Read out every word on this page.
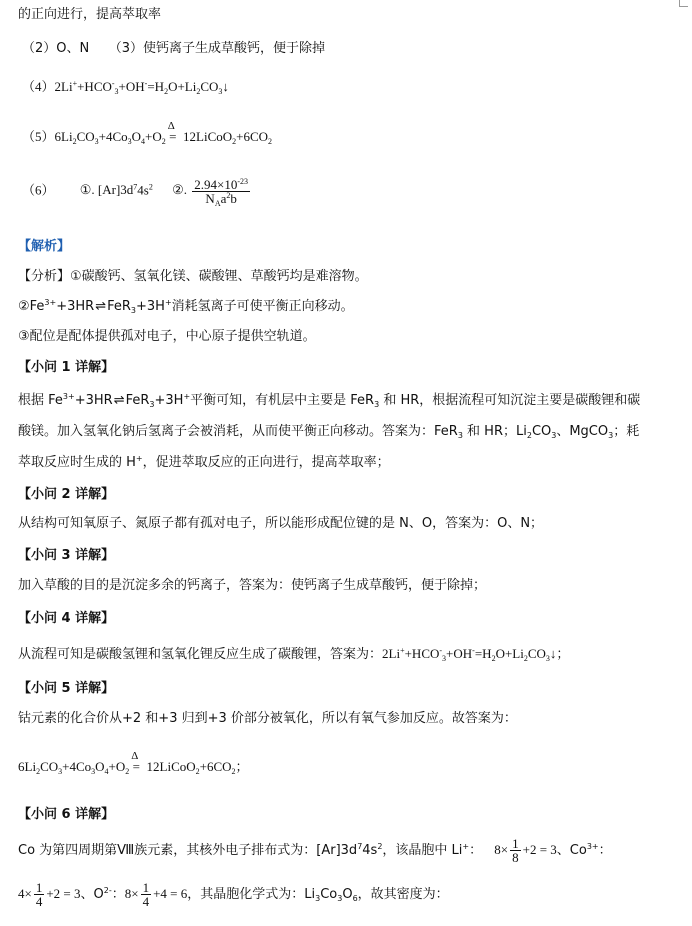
的正向进行，提高萃取率
（2）O、N　　（3）使钙离子生成草酸钙，便于除掉
$(4)2Li^++HCO^-_3+OH^-=H_2O+Li_2CO_3↓$
$(5)6Li_2CO_3+4Co_3O_4+O_2$
Δ
= $12LiCoO_2+6CO_2$
（6） ①. $[Ar]3d^74s^2$ ②. $\frac{2.94\times 10^{-23}}{N_Aa^2b}$
【解析】
【分析】①碳酸钙、氢氧化镁、碳酸锂、草酸钙均是难溶物。
$②Fe^{3+}+3HR\rightleftharpoons FeR_3+3H^+$消耗氢离子可使平衡正向移动。
③配位是配体提供孤对电子，中心原子提供空轨道。
【小问 1 详解】
根据 $Fe^{3+}+3HR\rightleftharpoons FeR_3+3H^+$平衡可知，有机层中主要是 FeR$_3$ 和 HR，根据流程可知沉淀主要是碳酸锂和碳
酸镁。加入氢氧化钠后氢离子会被消耗，从而使平衡正向移动。答案为：FeR$_3$ 和 HR；$Li_2CO_3$、MgCO$_3$；耗
萃取反应时生成的 H+，促进萃取反应的正向进行，提高萃取率；
【小问 2 详解】
从结构可知氧原子、氮原子都有孤对电子，所以能形成配位键的是 N、O，答案为：O、N；
【小问 3 详解】
加入草酸的目的是沉淀多余的钙离子，答案为：使钙离子生成草酸钙，便于除掉；
【小问 4 详解】
从流程可知是碳酸氢锂和氢氧化锂反应生成了碳酸锂，答案为：$2Li^++HCO^-_3+OH^-=H_2O+Li_2CO_3↓$；
【小问 5 详解】
钴元素的化合价从+2 和+3 归到+3 价部分被氧化，所以有氧气参加反应。故答案为：
$6Li_2CO_3+4Co_3O_4+O_2$
Δ
= $12LiCoO_2+6CO_2$；
【小问 6 详解】
Co 为第四周期第Ⅷ族元素，其核外电子排布式为：$[Ar]3d^74s^2$，该晶胞中 Li+： $8\times \frac{1}{8} +2 = 3$、$Co^{3+}$：
$4\times \frac{1}{4} +2 = 3$、$O^{2-}$：$8\times \frac{1}{4} +4 = 6$，其晶胞化学式为：$Li_3Co_3O_6$，故其密度为：
